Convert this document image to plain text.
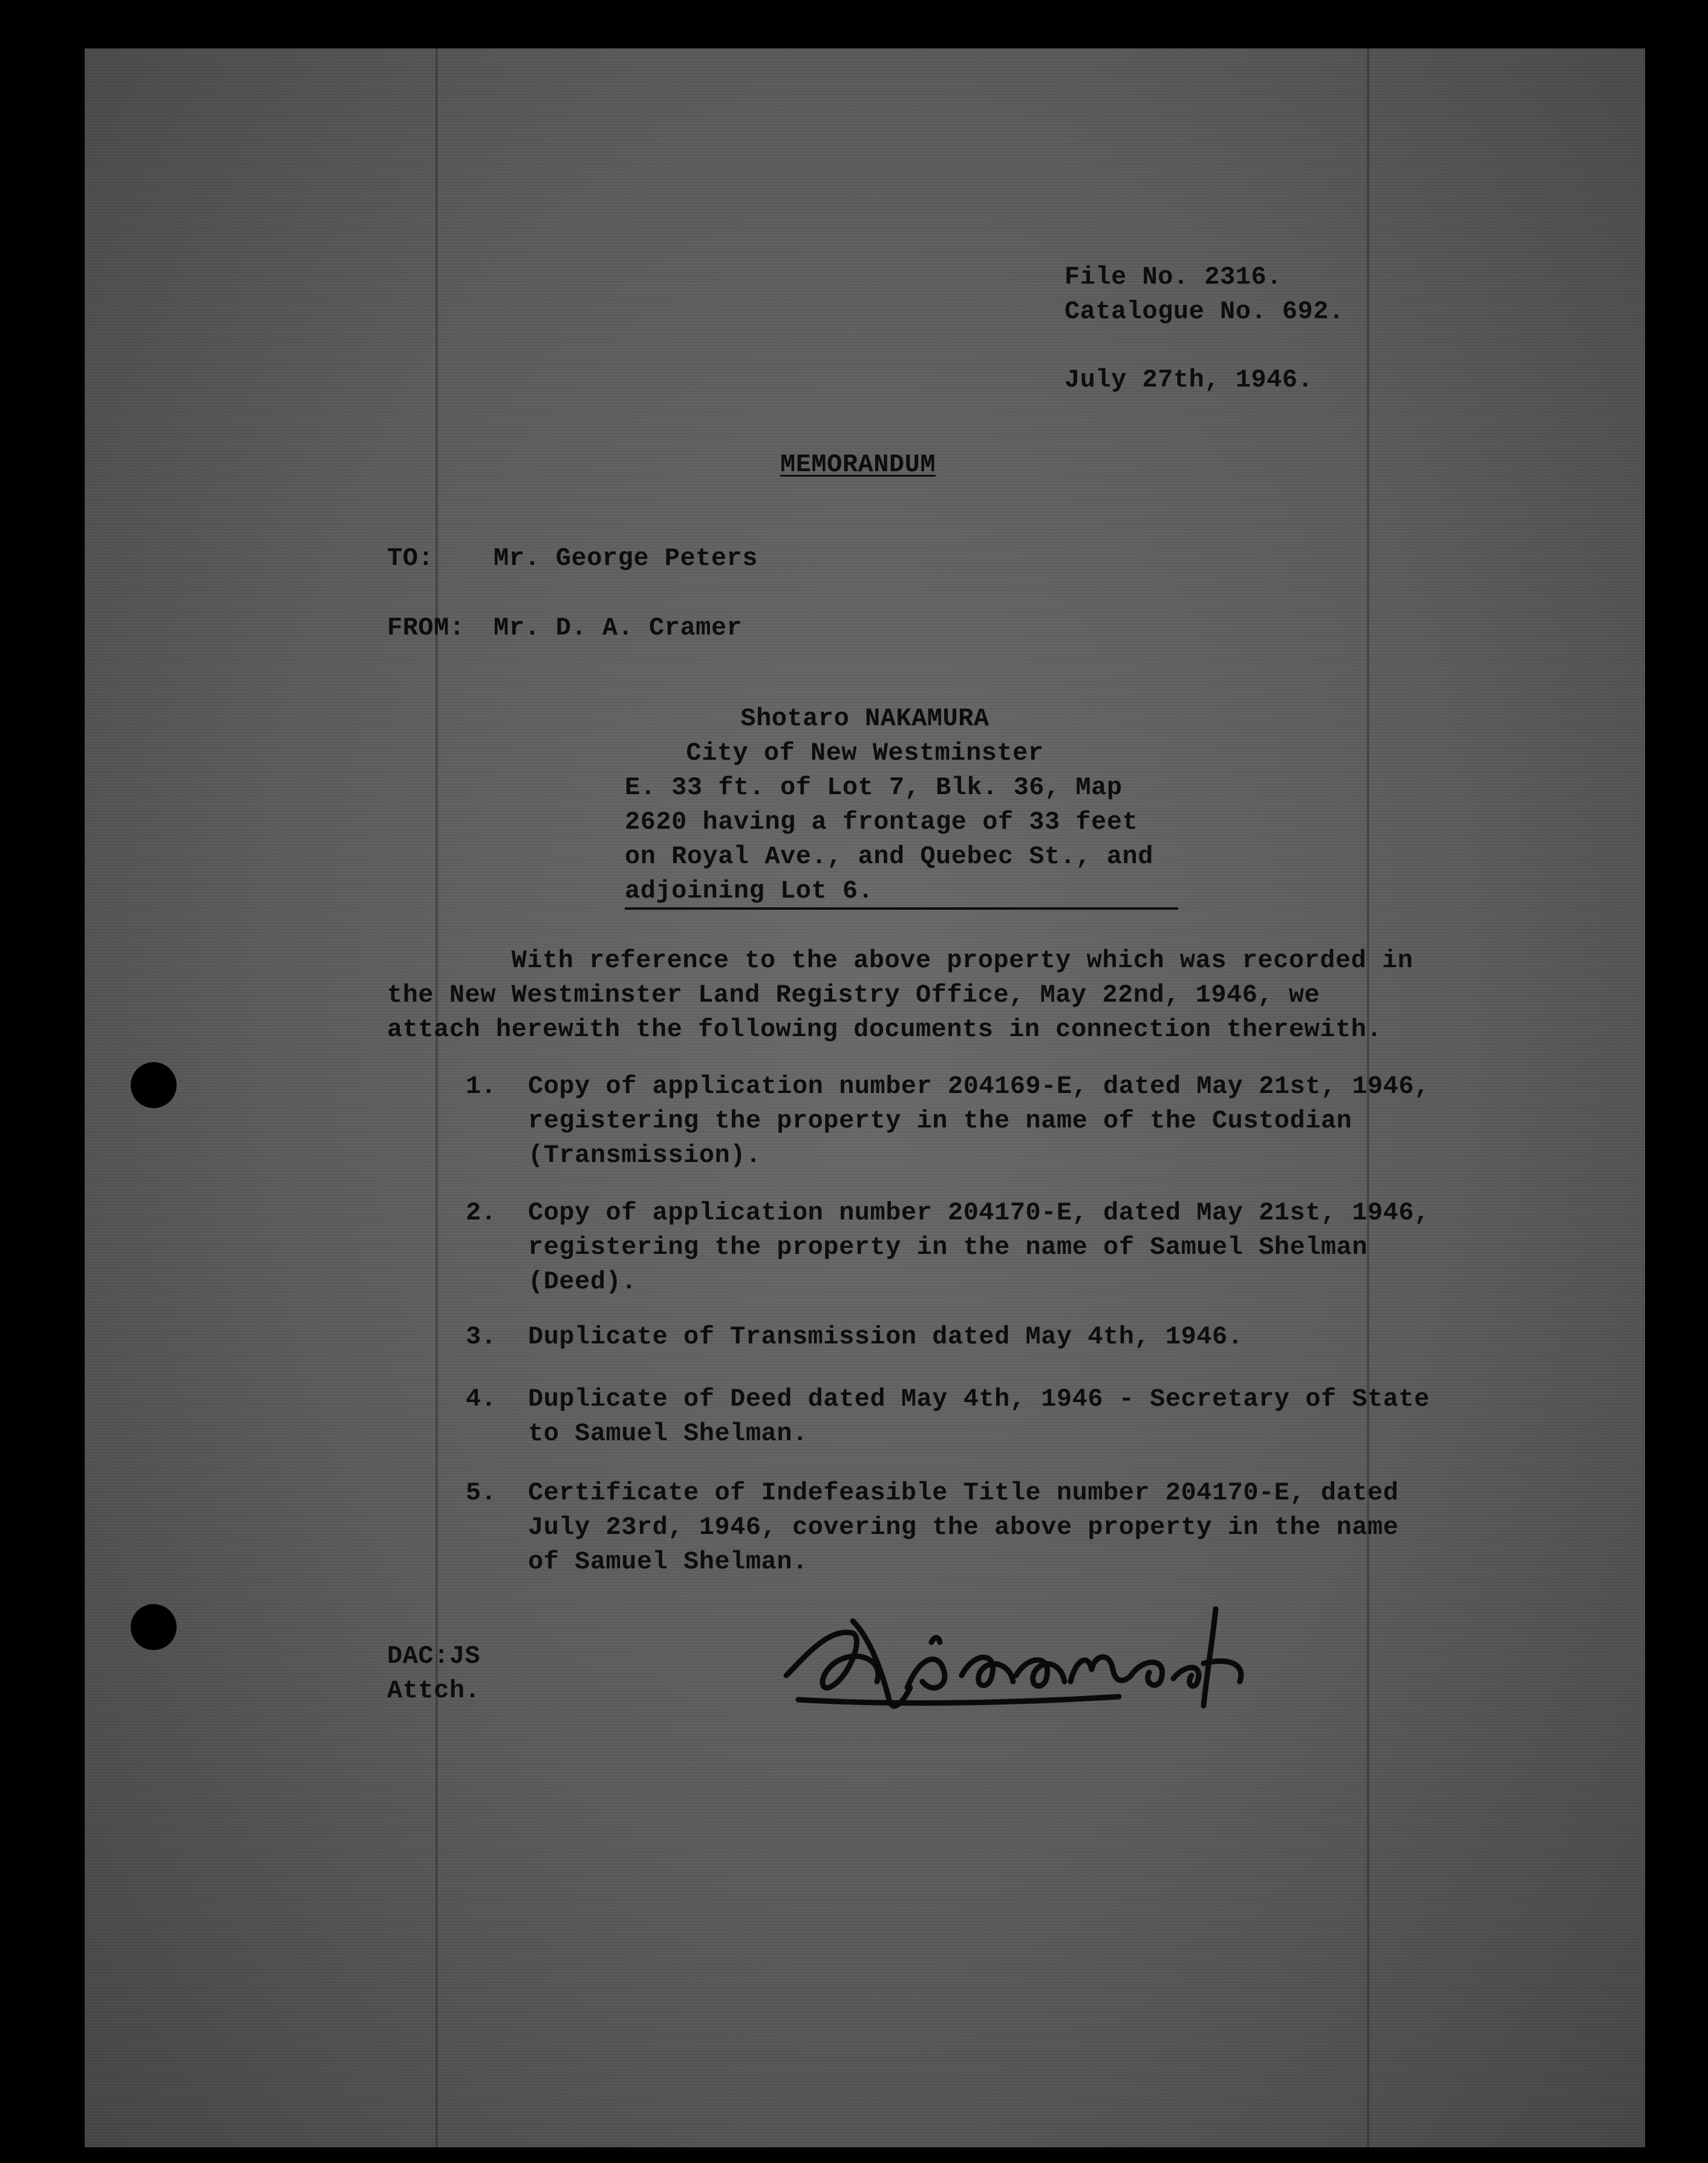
File No. 2316.
Catalogue No. 692.
July 27th, 1946.
MEMORANDUM
TO: Mr. George Peters
FROM: Mr. D. A. Cramer
Shotaro NAKAMURA
City of New Westminster
E. 33 ft. of Lot 7, Blk. 36, Map
2620 having a frontage of 33 feet
on Royal Ave., and Quebec St., and
adjoining Lot 6.
With reference to the above property which was recorded in
the New Westminster Land Registry Office, May 22nd, 1946, we
attach herewith the following documents in connection therewith.
1. Copy of application number 204169-E, dated May 21st, 1946,
registering the property in the name of the Custodian
(Transmission).
2. Copy of application number 204170-E, dated May 21st, 1946,
registering the property in the name of Samuel Shelman
(Deed).
3. Duplicate of Transmission dated May 4th, 1946.
4. Duplicate of Deed dated May 4th, 1946 - Secretary of State
to Samuel Shelman.
5. Certificate of Indefeasible Title number 204170-E, dated
July 23rd, 1946, covering the above property in the name
of Samuel Shelman.
DAC:JS
Attch.
